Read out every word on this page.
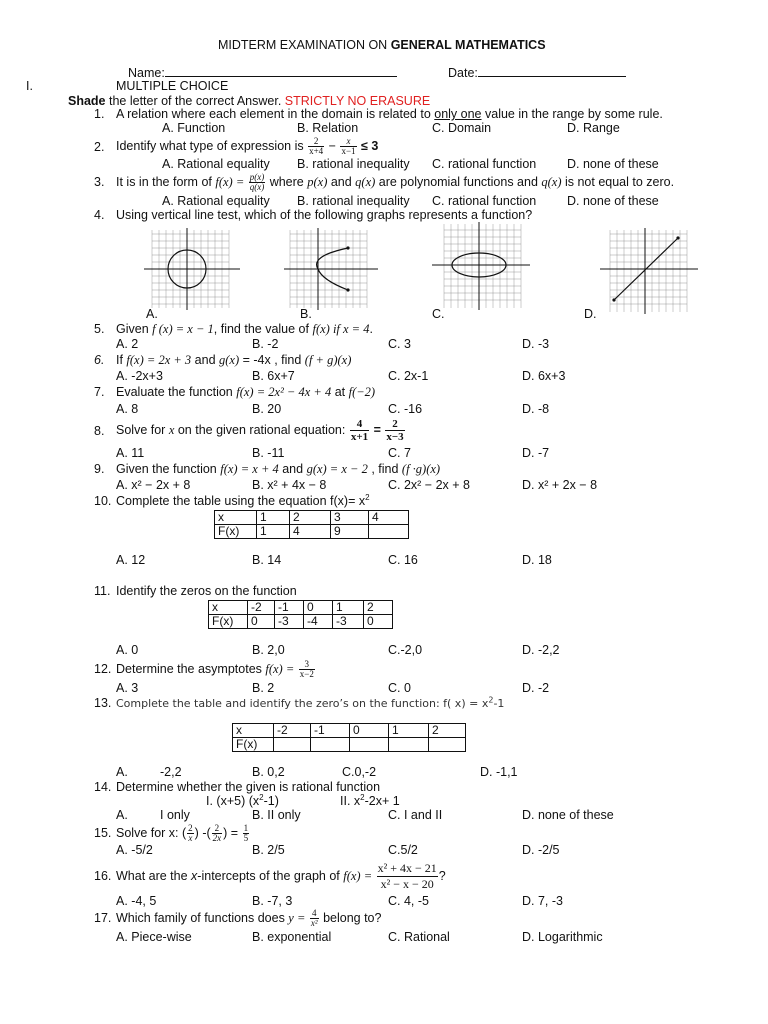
MIDTERM EXAMINATION ON GENERAL MATHEMATICS
Name:	Date:
I.	MULTIPLE CHOICE
Shade the letter of the correct Answer. STRICTLY NO ERASURE
1. A relation where each element in the domain is related to only one value in the range by some rule.
A. Function	B. Relation	C. Domain	D. Range
2. Identify what type of expression is $\frac{2}{x+4} - \frac{x}{x-1} \le 3$
A. Rational equality B. rational inequality C. rational function D. none of these
3. It is in the form of $f(x) = \frac{p(x)}{q(x)}$ where p(x) and q(x) are polynomial functions and q(x) is not equal to zero.
A. Rational equality B. rational inequality C. rational function D. none of these
4. Using vertical line test, which of the following graphs represents a function?
A.	B.	C.	D.
5. Given f (x) = x − 1, find the value of f(x) if x = 4.
A. 2	B. -2	C. 3	D. -3
6. If f(x) = 2x + 3 and g(x) = -4x , find (f + g)(x)
A. -2x+3	B. 6x+7	C. 2x-1	D. 6x+3
7. Evaluate the function f(x) = 2x² − 4x + 4 at f(−2)
A. 8	B. 20	C. -16	D. -8
8. Solve for x on the given rational equation: $\frac{4}{x+1} = \frac{2}{x-3}$
A. 11	B. -11	C. 7	D. -7
9. Given the function f(x) = x + 4 and g(x) = x − 2 , find (f ·g)(x)
A. x² − 2x + 8	B. x² + 4x − 8	C. 2x² − 2x + 8	D. x² + 2x − 8
10. Complete the table using the equation $f(x)= x^2$
x	1	2	3	4
F(x)	1	4	9	
A. 12	B. 14	C. 16	D. 18
11. Identify the zeros on the function
x	-2	-1	0	1	2
F(x)	0	-3	-4	-3	0
A. 0	B. 2,0	C.-2,0	D. -2,2
12. Determine the asymptotes $f(x) = \frac{3}{x-2}$
A. 3	B. 2	C. 0	D. -2
13. Complete the table and identify the zero’s on the function: f( $x) = x^2-1$
x	-2	-1	0	1	2
F(x)					
A.	-2,2	B. 0,2	C.0,-2	D. -1,1
14. Determine whether the given is rational function
I. (x+5) $(x^2-1)$	II. $x^2-2x+ 1$
A.	I only	B. II only	C. I and II	D. none of these
15. Solve for x: ( $\frac{2}{x}$ ) -( $\frac{2}{2x}$ ) = $\frac{1}{5}$
A. -5/2	B. 2/5	C.5/2	D. -2/5
16. What are the x-intercepts of the graph of $f(x) = \frac{\text{x² + 4x − 21}}{\text{x² − x − 20}}$ ?
A. -4, 5	B. -7, 3	C. 4, -5	D. 7, -3
17. Which family of functions does $y = \frac{4}{\text{x²}}$ belong to?
A. Piece-wise	B. exponential	C. Rational	D. Logarithmic
